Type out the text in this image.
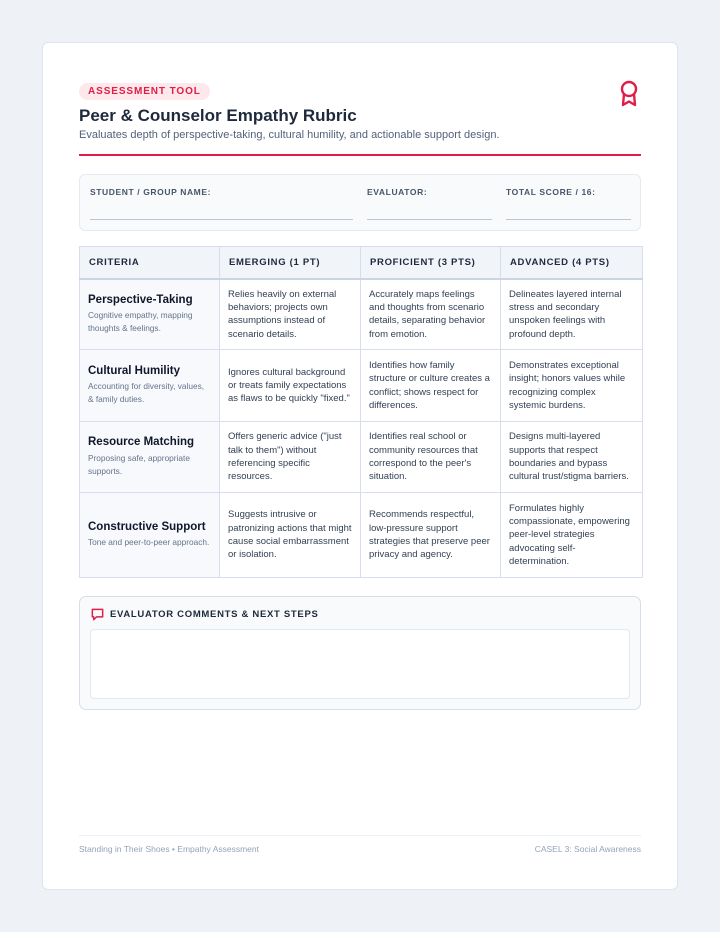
ASSESSMENT TOOL
Peer & Counselor Empathy Rubric
Evaluates depth of perspective-taking, cultural humility, and actionable support design.
STUDENT / GROUP NAME:	EVALUATOR:	TOTAL SCORE / 16:
CRITERIA	EMERGING (1 PT)	PROFICIENT (3 PTS)	ADVANCED (4 PTS)

Perspective-Taking
Cognitive empathy, mapping thoughts & feelings.	Relies heavily on external behaviors; projects own assumptions instead of scenario details.	Accurately maps feelings and thoughts from scenario details, separating behavior from emotion.	Delineates layered internal stress and secondary unspoken feelings with profound depth.

Cultural Humility
Accounting for diversity, values, & family duties.	Ignores cultural background or treats family expectations as flaws to be quickly "fixed."	Identifies how family structure or culture creates a conflict; shows respect for differences.	Demonstrates exceptional insight; honors values while recognizing complex systemic burdens.

Resource Matching
Proposing safe, appropriate supports.	Offers generic advice ("just talk to them") without referencing specific resources.	Identifies real school or community resources that correspond to the peer's situation.	Designs multi-layered supports that respect boundaries and bypass cultural trust/stigma barriers.

Constructive Support
Tone and peer-to-peer approach.	Suggests intrusive or patronizing actions that might cause social embarrassment or isolation.	Recommends respectful, low-pressure support strategies that preserve peer privacy and agency.	Formulates highly compassionate, empowering peer-level strategies advocating self-determination.
EVALUATOR COMMENTS & NEXT STEPS
Standing in Their Shoes • Empathy Assessment	CASEL 3: Social Awareness
